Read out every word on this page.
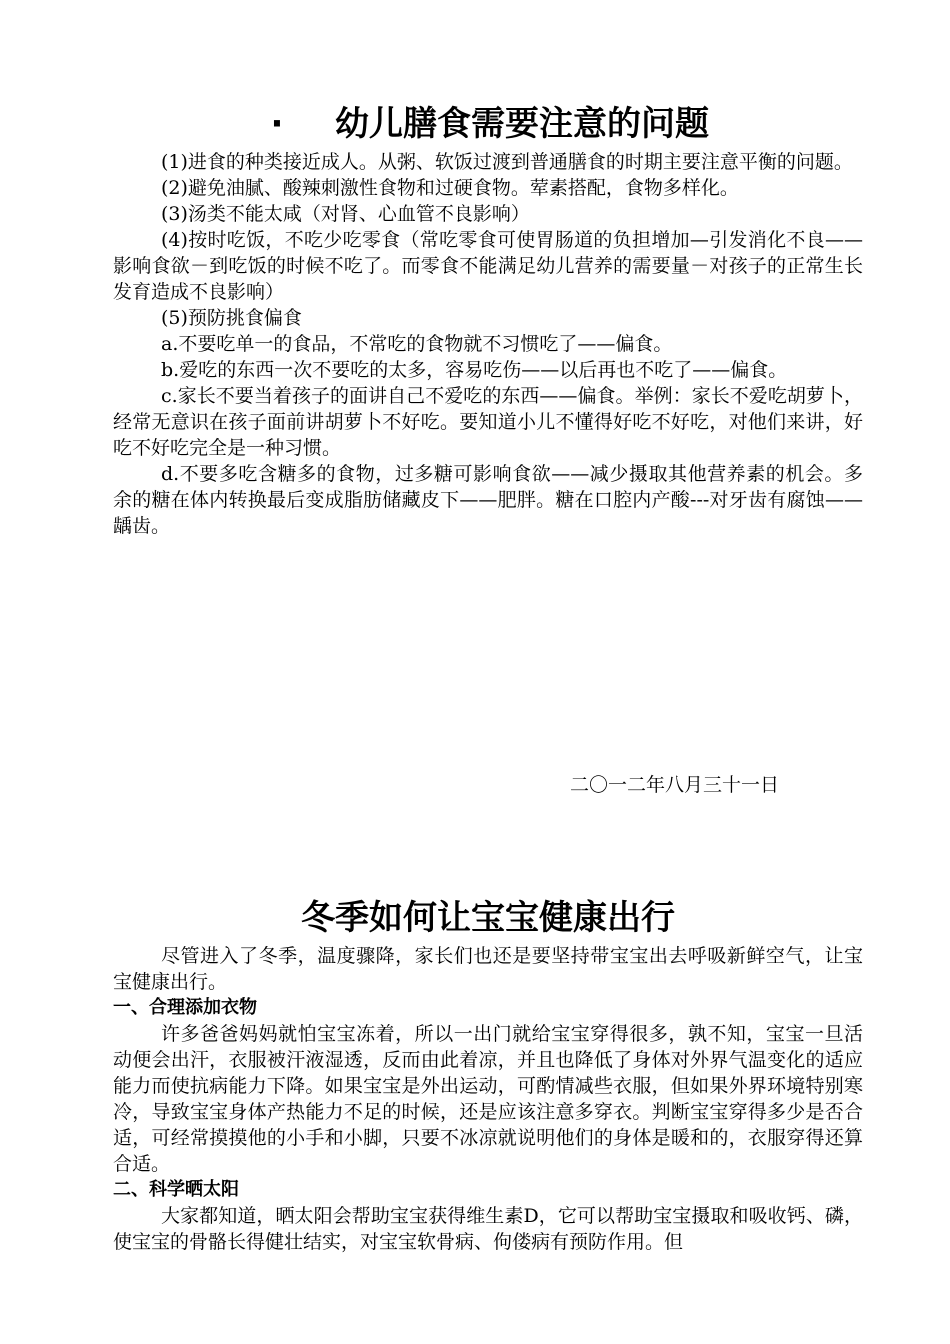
· 幼儿膳食需要注意的问题

(1)进食的种类接近成人。从粥、软饭过渡到普通膳食的时期主要注意平衡的问题。

(2)避免油腻、酸辣刺激性食物和过硬食物。荤素搭配，食物多样化。

(3)汤类不能太咸（对肾、心血管不良影响）

(4)按时吃饭，不吃少吃零食（常吃零食可使胃肠道的负担增加—引发消化不良——影响食欲－到吃饭的时候不吃了。而零食不能满足幼儿营养的需要量－对孩子的正常生长发育造成不良影响）

(5)预防挑食偏食

a.不要吃单一的食品，不常吃的食物就不习惯吃了——偏食。

b.爱吃的东西一次不要吃的太多，容易吃伤——以后再也不吃了——偏食。

c.家长不要当着孩子的面讲自己不爱吃的东西——偏食。举例：家长不爱吃胡萝卜，经常无意识在孩子面前讲胡萝卜不好吃。要知道小儿不懂得好吃不好吃，对他们来讲，好吃不好吃完全是一种习惯。

d.不要多吃含糖多的食物，过多糖可影响食欲——减少摄取其他营养素的机会。多余的糖在体内转换最后变成脂肪储藏皮下——肥胖。糖在口腔内产酸---对牙齿有腐蚀——龋齿。

二〇一二年八月三十一日
冬季如何让宝宝健康出行

尽管进入了冬季，温度骤降，家长们也还是要坚持带宝宝出去呼吸新鲜空气，让宝宝健康出行。

一、合理添加衣物

许多爸爸妈妈就怕宝宝冻着，所以一出门就给宝宝穿得很多，孰不知，宝宝一旦活动便会出汗，衣服被汗液湿透，反而由此着凉，并且也降低了身体对外界气温变化的适应能力而使抗病能力下降。如果宝宝是外出运动，可酌情减些衣服，但如果外界环境特别寒冷，导致宝宝身体产热能力不足的时候，还是应该注意多穿衣。判断宝宝穿得多少是否合适，可经常摸摸他的小手和小脚，只要不冰凉就说明他们的身体是暖和的，衣服穿得还算合适。

二、科学晒太阳

大家都知道，晒太阳会帮助宝宝获得维生素D，它可以帮助宝宝摄取和吸收钙、磷，使宝宝的骨骼长得健壮结实，对宝宝软骨病、佝偻病有预防作用。但
